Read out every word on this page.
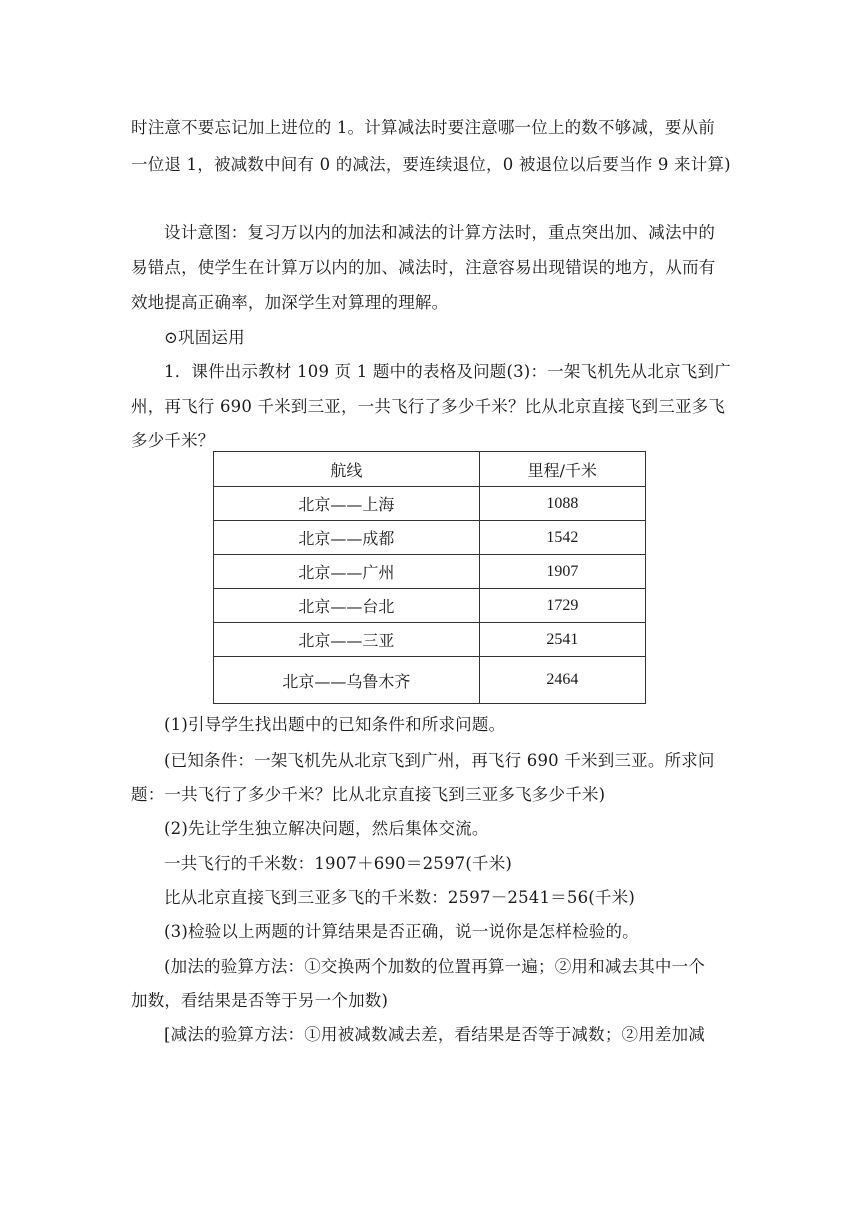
时注意不要忘记加上进位的 1。计算减法时要注意哪一位上的数不够减，要从前
一位退 1，被减数中间有 0 的减法，要连续退位，0 被退位以后要当作 9 来计算)
设计意图：复习万以内的加法和减法的计算方法时，重点突出加、减法中的
易错点，使学生在计算万以内的加、减法时，注意容易出现错误的地方，从而有
效地提高正确率，加深学生对算理的理解。
⊙巩固运用
1．课件出示教材 109 页 1 题中的表格及问题(3)：一架飞机先从北京飞到广
州，再飞行 690 千米到三亚，一共飞行了多少千米？比从北京直接飞到三亚多飞
多少千米？
航线	里程/千米
北京——上海	1088
北京——成都	1542
北京——广州	1907
北京——台北	1729
北京——三亚	2541
北京——乌鲁木齐	2464
(1)引导学生找出题中的已知条件和所求问题。
(已知条件：一架飞机先从北京飞到广州，再飞行 690 千米到三亚。所求问
题：一共飞行了多少千米？比从北京直接飞到三亚多飞多少千米)
(2)先让学生独立解决问题，然后集体交流。
一共飞行的千米数：1907＋690＝2597(千米)
比从北京直接飞到三亚多飞的千米数：2597－2541＝56(千米)
(3)检验以上两题的计算结果是否正确，说一说你是怎样检验的。
(加法的验算方法：①交换两个加数的位置再算一遍；②用和减去其中一个
加数，看结果是否等于另一个加数)
[减法的验算方法：①用被减数减去差，看结果是否等于减数；②用差加减
